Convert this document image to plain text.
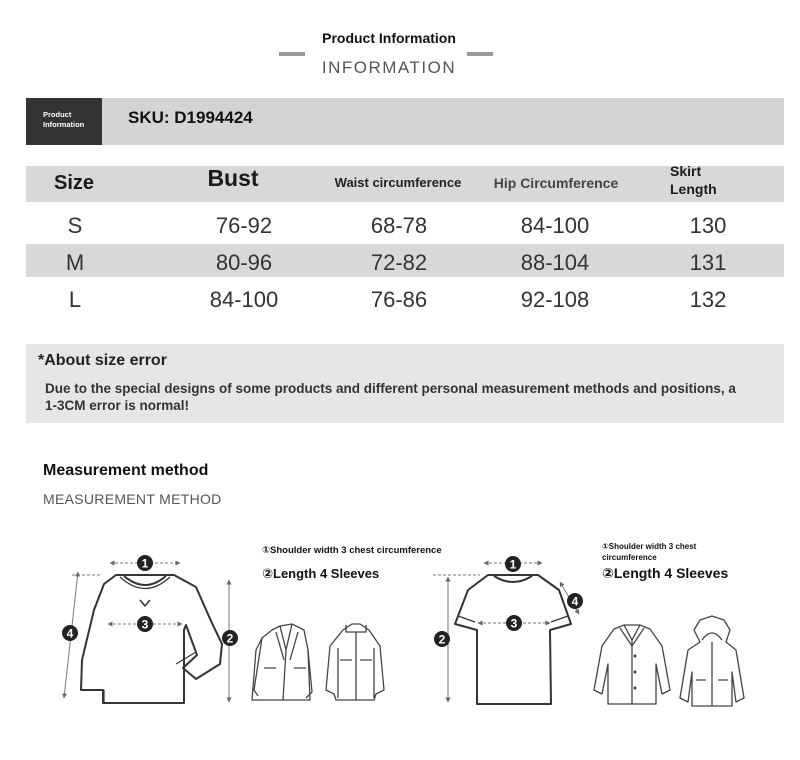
Product Information
INFORMATION
Product
Information	SKU: D1994424
Size	Bust	Waist circumference	Hip Circumference
Skirt
Length
S	76-92	68-78	84-100	130
M	80-96	72-82	88-104	131
L	84-100	76-86	92-108	132
*About size error
Due to the special designs of some products and different personal measurement methods and positions, a 1-3CM error is normal!
Measurement method
MEASUREMENT METHOD
①Shoulder width 3 chest circumference
②Length 4 Sleeves
①Shoulder width 3 chest
circumference
②Length 4 Sleeves
1
3
2
4
1
3
2
4
